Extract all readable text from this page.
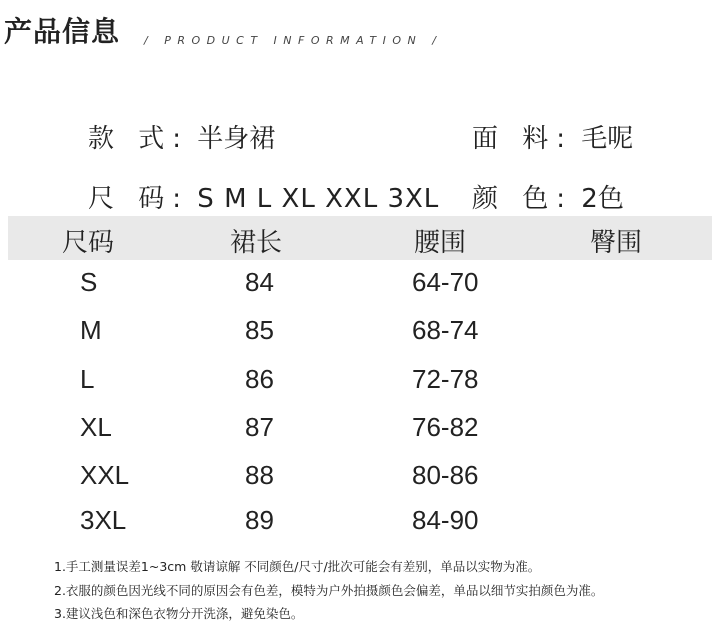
产品信息 / PRODUCT INFORMATION /
款 式: 半身裙	面 料: 毛呢
尺 码: S M L XL XXL 3XL 颜 色: 2色
尺码	裙长	腰围	臀围
S	84	64-70
M	85	68-74
L	86	72-78
XL	87	76-82
XXL	88	80-86
3XL	89	84-90
1.手工测量误差1~3cm 敬请谅解 不同颜色/尺寸/批次可能会有差别，单品以实物为准。
2.衣服的颜色因光线不同的原因会有色差，模特为户外拍摄颜色会偏差，单品以细节实拍颜色为准。
3.建议浅色和深色衣物分开洗涤，避免染色。
